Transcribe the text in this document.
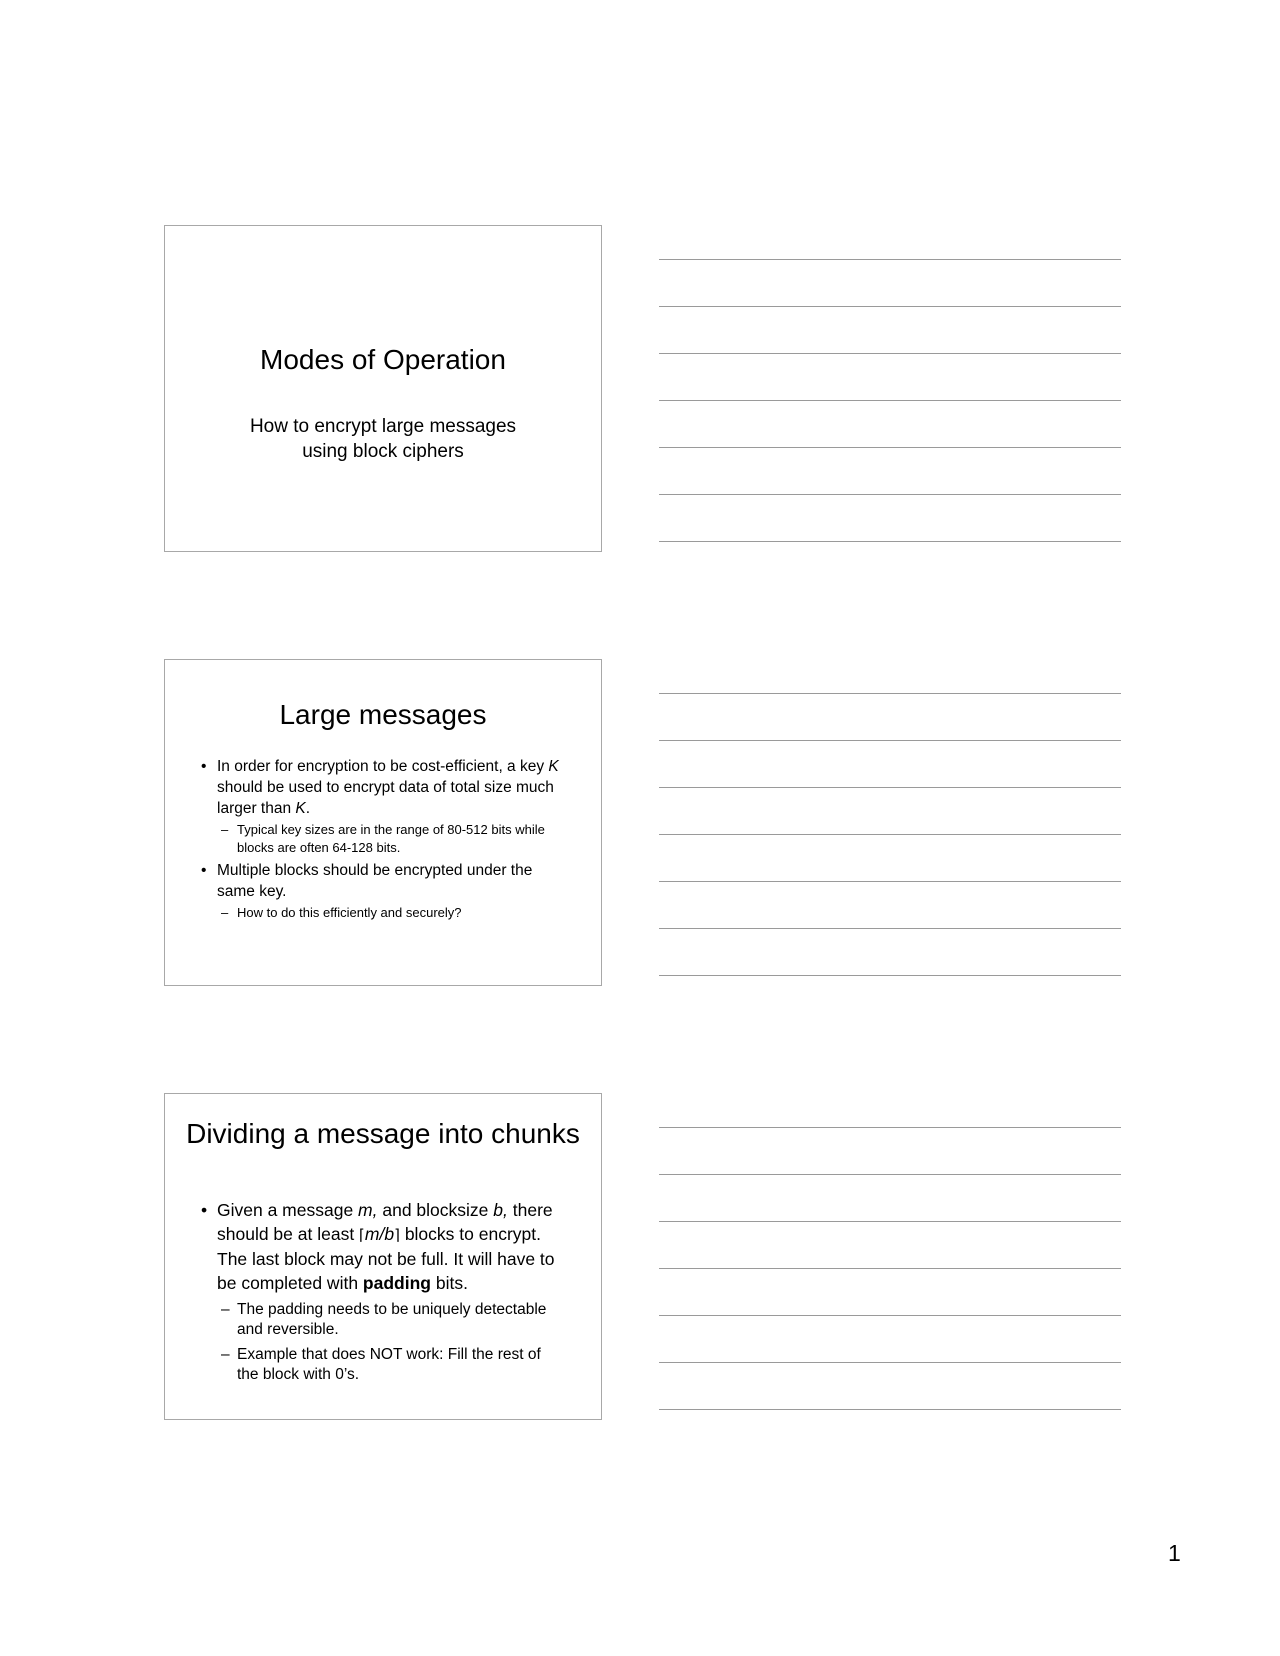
Modes of Operation
How to encrypt large messages
using block ciphers
Large messages
• In order for encryption to be cost-efficient, a key K should be used to encrypt data of total size much larger than K.
– Typical key sizes are in the range of 80-512 bits while blocks are often 64-128 bits.
• Multiple blocks should be encrypted under the same key.
– How to do this efficiently and securely?
Dividing a message into chunks
• Given a message m, and blocksize b, there should be at least ⌈m/b⌉ blocks to encrypt. The last block may not be full. It will have to be completed with padding bits.
– The padding needs to be uniquely detectable and reversible.
– Example that does NOT work: Fill the rest of the block with 0’s.
1
